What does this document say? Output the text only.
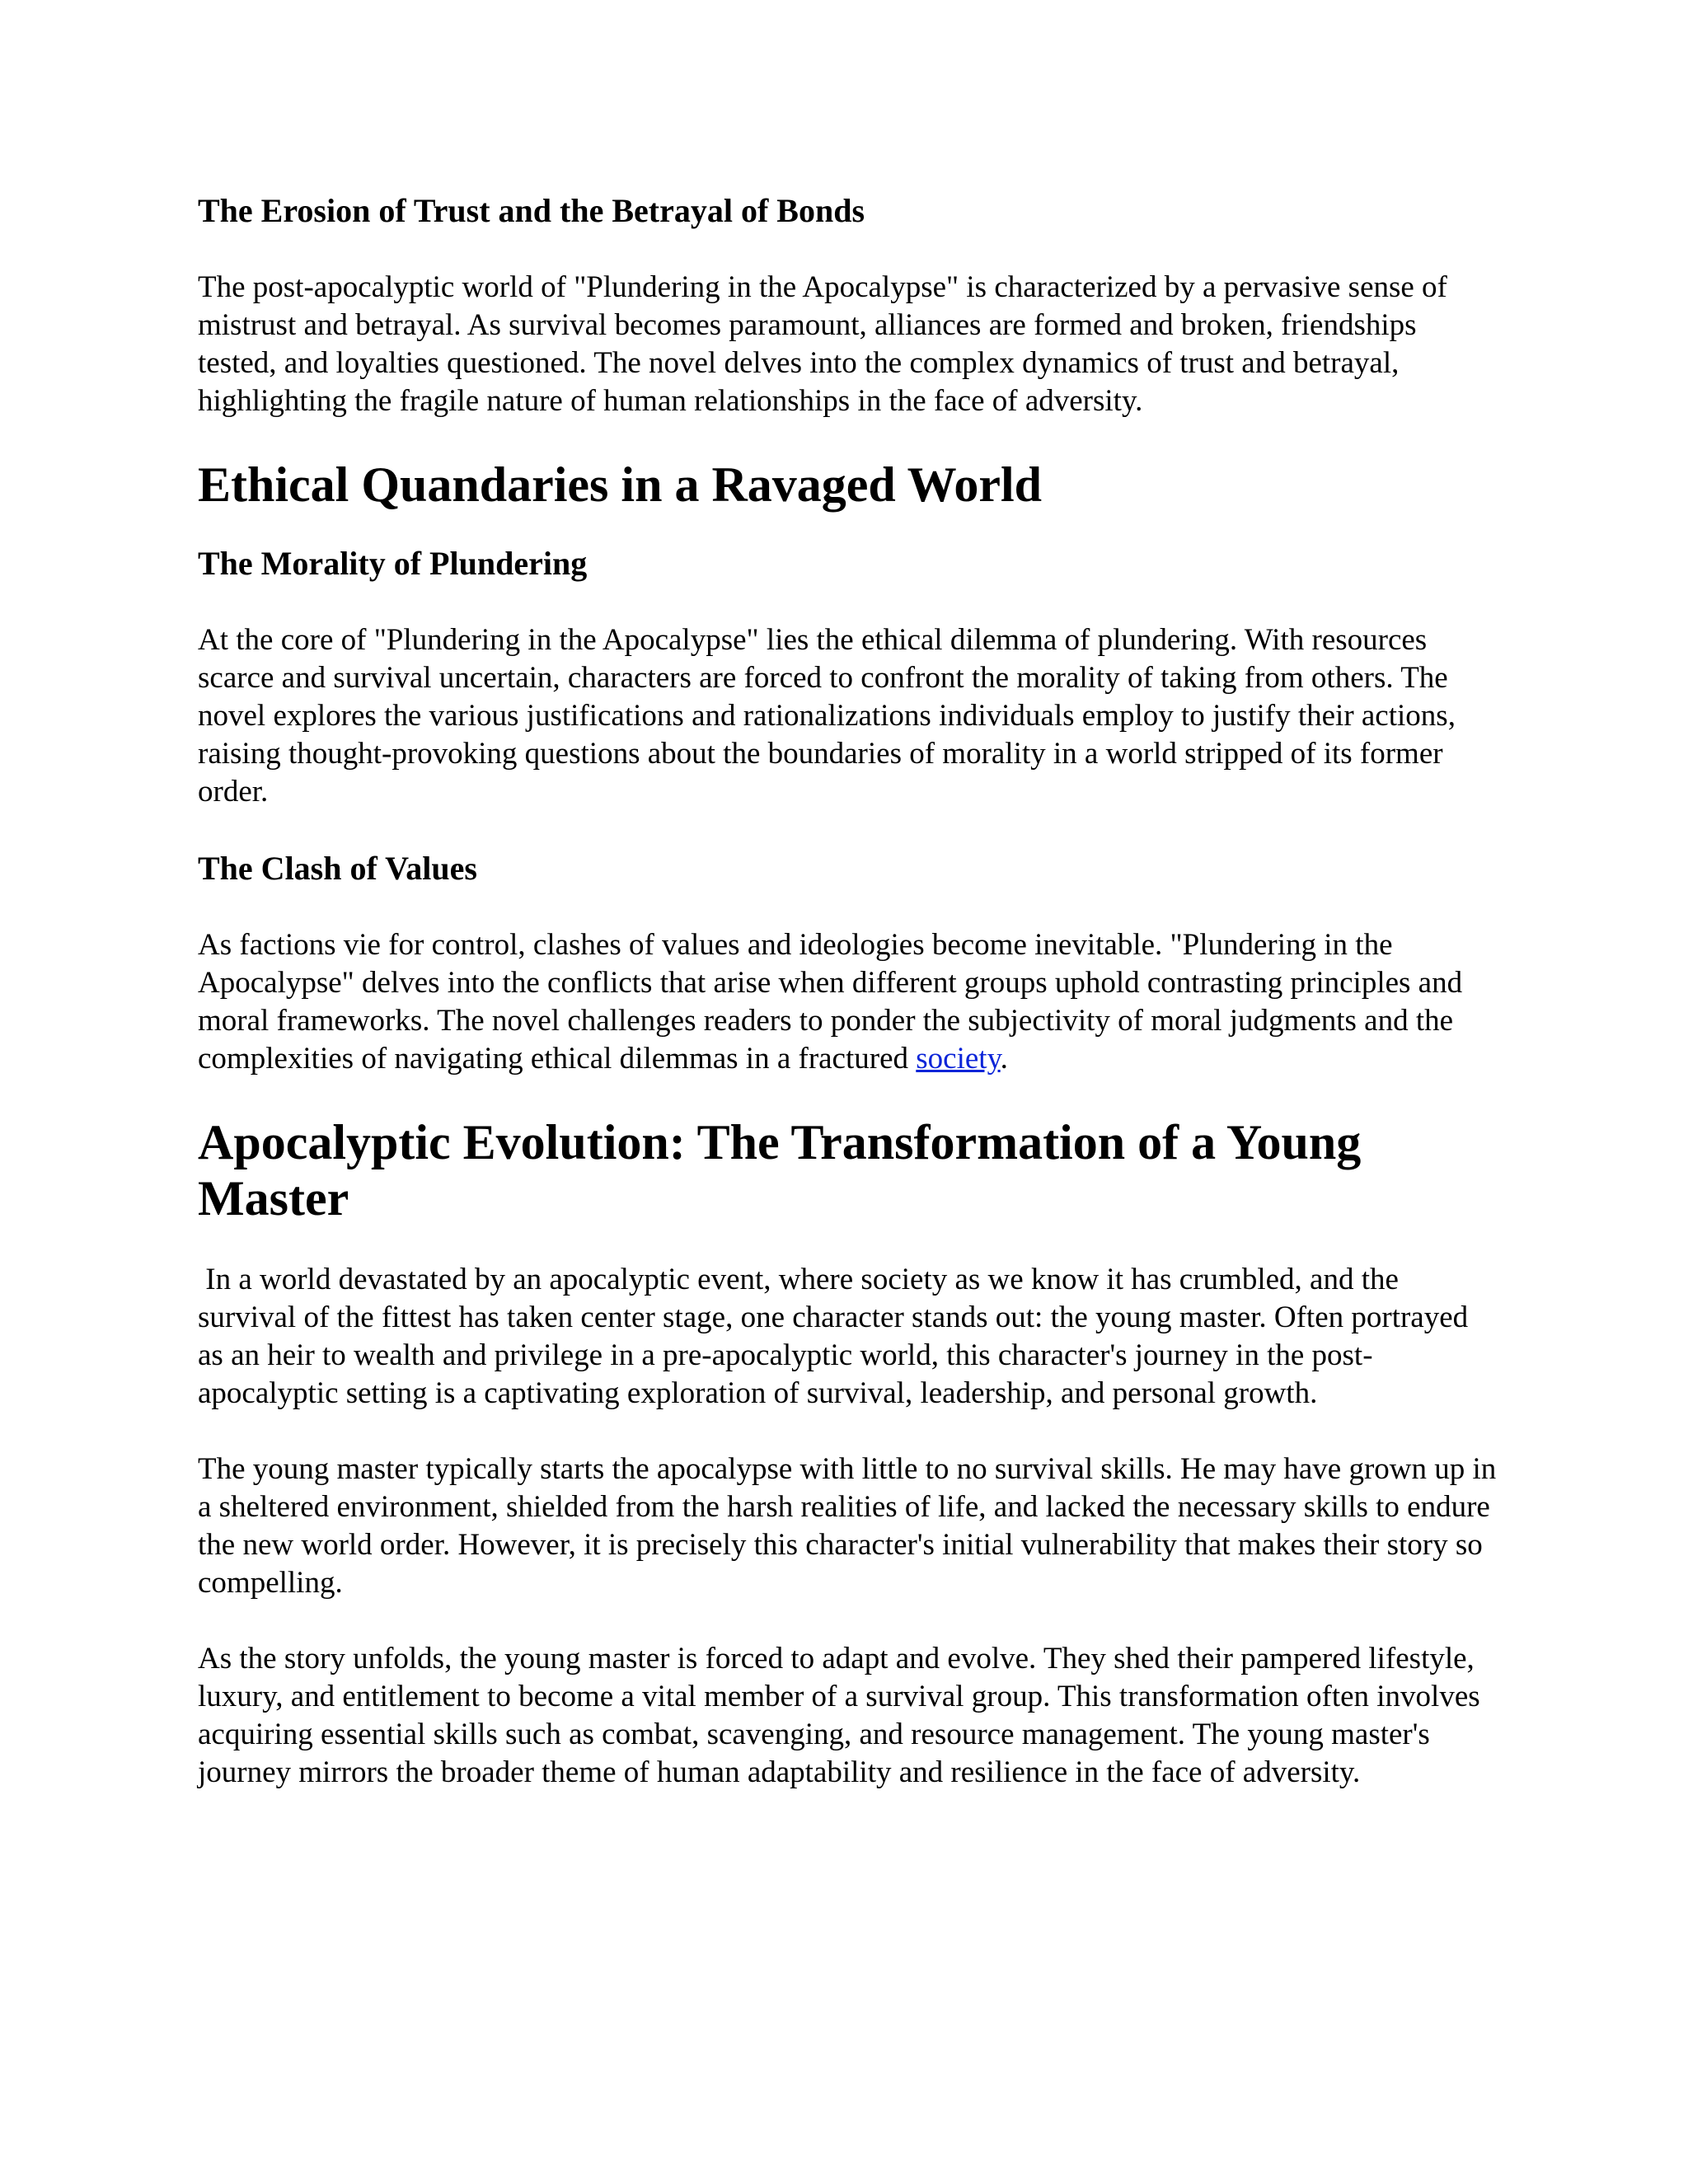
The Erosion of Trust and the Betrayal of Bonds

The post-apocalyptic world of "Plundering in the Apocalypse" is characterized by a pervasive sense of mistrust and betrayal. As survival becomes paramount, alliances are formed and broken, friendships tested, and loyalties questioned. The novel delves into the complex dynamics of trust and betrayal, highlighting the fragile nature of human relationships in the face of adversity.

Ethical Quandaries in a Ravaged World
The Morality of Plundering

At the core of "Plundering in the Apocalypse" lies the ethical dilemma of plundering. With resources scarce and survival uncertain, characters are forced to confront the morality of taking from others. The novel explores the various justifications and rationalizations individuals employ to justify their actions, raising thought-provoking questions about the boundaries of morality in a world stripped of its former order.

The Clash of Values

As factions vie for control, clashes of values and ideologies become inevitable. "Plundering in the Apocalypse" delves into the conflicts that arise when different groups uphold contrasting principles and moral frameworks. The novel challenges readers to ponder the subjectivity of moral judgments and the complexities of navigating ethical dilemmas in a fractured society.

Apocalyptic Evolution: The Transformation of a Young Master

In a world devastated by an apocalyptic event, where society as we know it has crumbled, and the survival of the fittest has taken center stage, one character stands out: the young master. Often portrayed as an heir to wealth and privilege in a pre-apocalyptic world, this character's journey in the post-apocalyptic setting is a captivating exploration of survival, leadership, and personal growth.

The young master typically starts the apocalypse with little to no survival skills. He may have grown up in a sheltered environment, shielded from the harsh realities of life, and lacked the necessary skills to endure the new world order. However, it is precisely this character's initial vulnerability that makes their story so compelling.

As the story unfolds, the young master is forced to adapt and evolve. They shed their pampered lifestyle, luxury, and entitlement to become a vital member of a survival group. This transformation often involves acquiring essential skills such as combat, scavenging, and resource management. The young master's journey mirrors the broader theme of human adaptability and resilience in the face of adversity.
